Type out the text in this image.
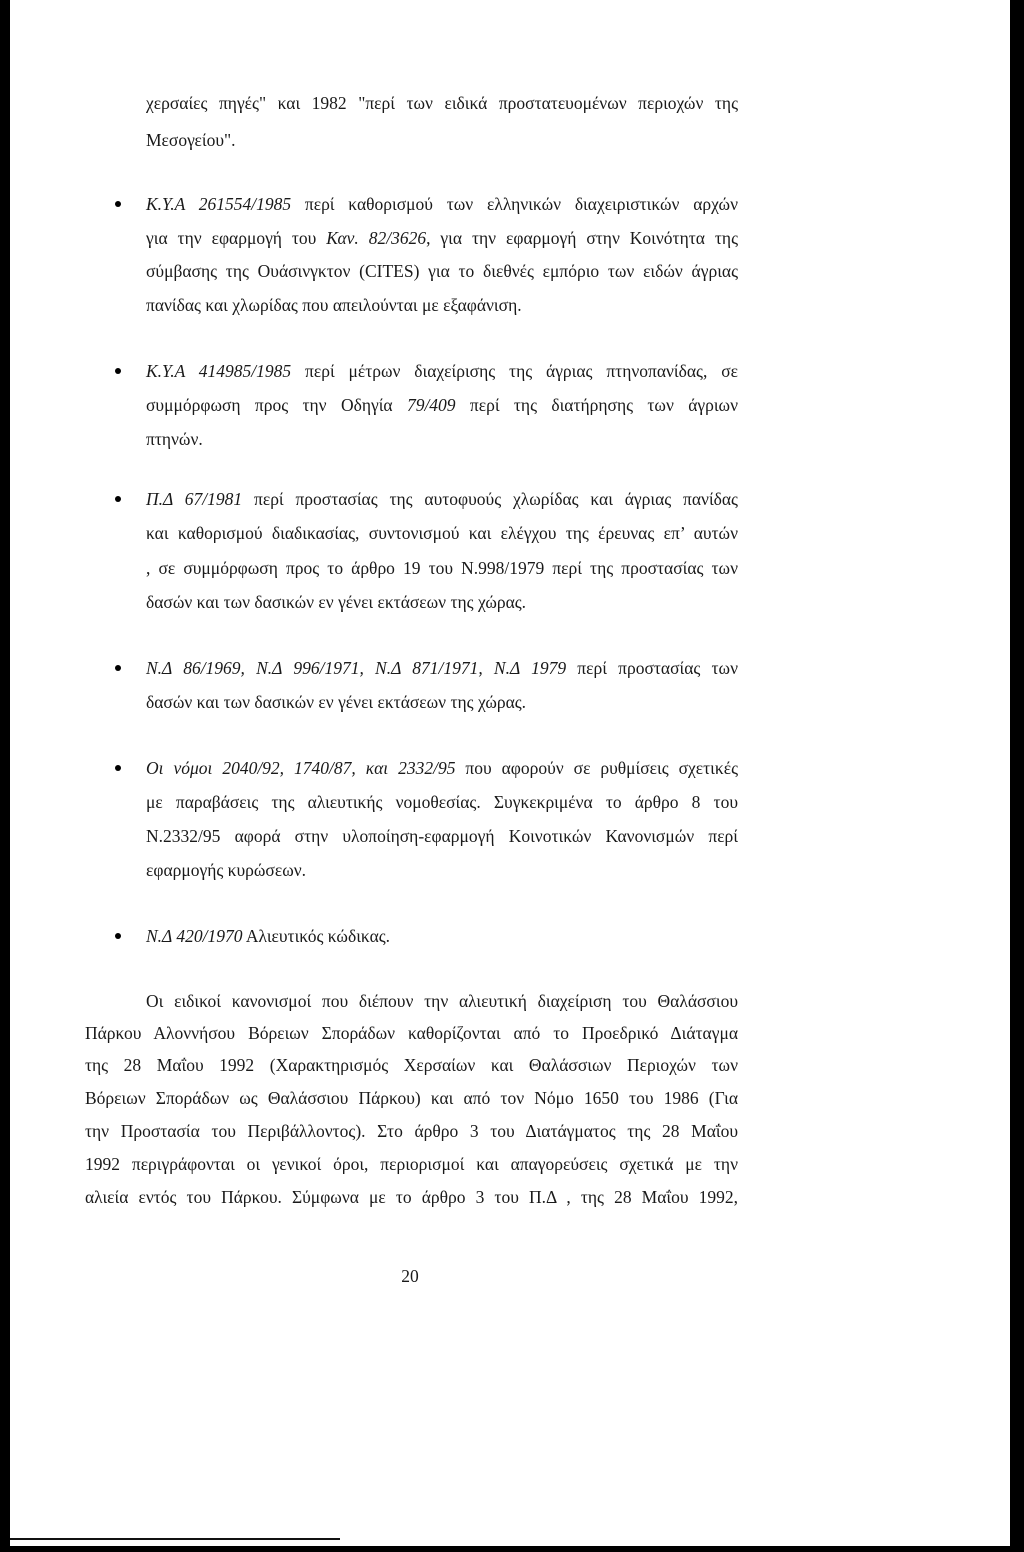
χερσαίες πηγές" και 1982 "περί των ειδικά προστατευομένων περιοχών της
Μεσογείου".
Κ.Υ.Α 261554/1985 περί καθορισμού των ελληνικών διαχειριστικών αρχών
για την εφαρμογή του Καν. 82/3626, για την εφαρμογή στην Κοινότητα της
σύμβασης της Ουάσινγκτον (CITES) για το διεθνές εμπόριο των ειδών άγριας
πανίδας και χλωρίδας που απειλούνται με εξαφάνιση.
Κ.Υ.Α 414985/1985 περί μέτρων διαχείρισης της άγριας πτηνοπανίδας, σε
συμμόρφωση προς την Οδηγία 79/409 περί της διατήρησης των άγριων
πτηνών.
Π.Δ 67/1981 περί προστασίας της αυτοφυούς χλωρίδας και άγριας πανίδας
και καθορισμού διαδικασίας, συντονισμού και ελέγχου της έρευνας επ’ αυτών
, σε συμμόρφωση προς το άρθρο 19 του Ν.998/1979 περί της προστασίας των
δασών και των δασικών εν γένει εκτάσεων της χώρας.
Ν.Δ 86/1969, Ν.Δ 996/1971, Ν.Δ 871/1971, Ν.Δ 1979 περί προστασίας των
δασών και των δασικών εν γένει εκτάσεων της χώρας.
Οι νόμοι 2040/92, 1740/87, και 2332/95 που αφορούν σε ρυθμίσεις σχετικές
με παραβάσεις της αλιευτικής νομοθεσίας. Συγκεκριμένα το άρθρο 8 του
Ν.2332/95 αφορά στην υλοποίηση-εφαρμογή Κοινοτικών Κανονισμών περί
εφαρμογής κυρώσεων.
Ν.Δ 420/1970 Αλιευτικός κώδικας.
Οι ειδικοί κανονισμοί που διέπουν την αλιευτική διαχείριση του Θαλάσσιου
Πάρκου Αλοννήσου Βόρειων Σποράδων καθορίζονται από το Προεδρικό Διάταγμα
της 28 Μαΐου 1992 (Χαρακτηρισμός Χερσαίων και Θαλάσσιων Περιοχών των
Βόρειων Σποράδων ως Θαλάσσιου Πάρκου) και από τον Νόμο 1650 του 1986 (Για
την Προστασία του Περιβάλλοντος). Στο άρθρο 3 του Διατάγματος της 28 Μαΐου
1992 περιγράφονται οι γενικοί όροι, περιορισμοί και απαγορεύσεις σχετικά με την
αλιεία εντός του Πάρκου. Σύμφωνα με το άρθρο 3 του Π.Δ , της 28 Μαΐου 1992,
20
